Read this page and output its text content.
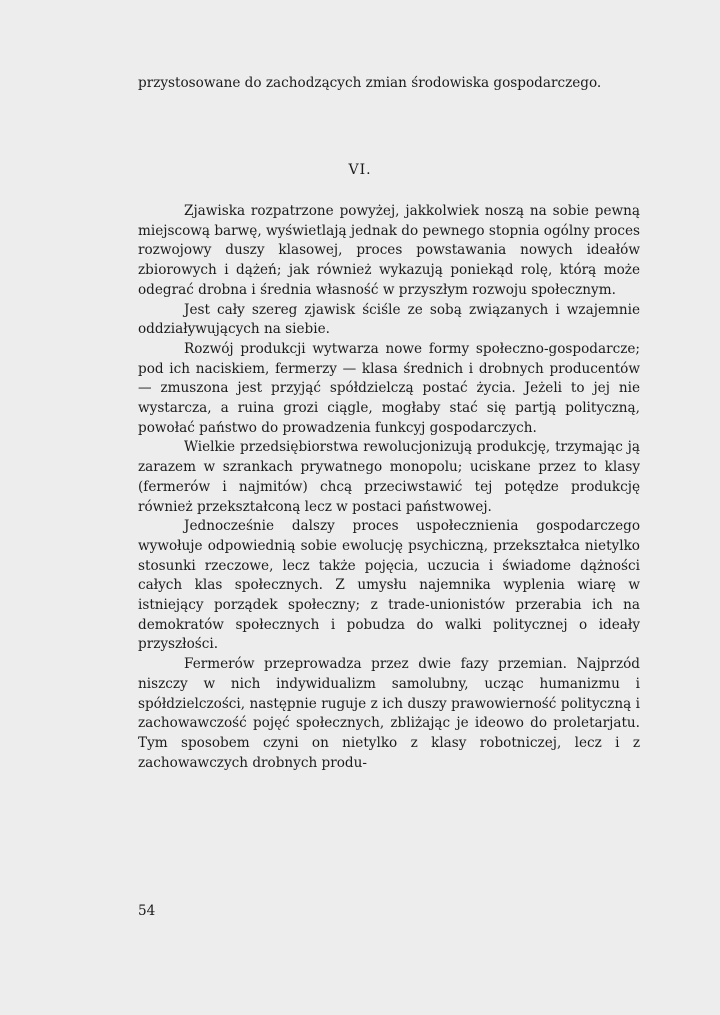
przystosowane do zachodzących zmian środowiska gospodarczego.

VI.

Zjawiska rozpatrzone powyżej, jakkolwiek noszą na sobie pewną miejscową barwę, wyświetlają jednak do pewnego stopnia ogólny proces rozwojowy duszy klasowej, proces powstawania nowych ideałów zbiorowych i dążeń; jak również wykazują poniekąd rolę, którą może odegrać drobna i średnia własność w przyszłym rozwoju społecznym.

Jest cały szereg zjawisk ściśle ze sobą związanych i wzajemnie oddziaływujących na siebie.

Rozwój produkcji wytwarza nowe formy społeczno-gospodarcze; pod ich naciskiem, fermerzy — klasa średnich i drobnych producentów — zmuszona jest przyjąć spółdzielczą postać życia. Jeżeli to jej nie wystarcza, a ruina grozi ciągle, mogłaby stać się partją polityczną, powołać państwo do prowadzenia funkcyj gospodarczych.

Wielkie przedsiębiorstwa rewolucjonizują produkcję, trzymając ją zarazem w szrankach prywatnego monopolu; uciskane przez to klasy (fermerów i najmitów) chcą przeciwstawić tej potędze produkcję również przekształconą lecz w postaci państwowej.

Jednocześnie dalszy proces uspołecznienia gospodarczego wywołuje odpowiednią sobie ewolucję psychiczną, przekształca nietylko stosunki rzeczowe, lecz także pojęcia, uczucia i świadome dążności całych klas społecznych. Z umysłu najemnika wyplenia wiarę w istniejący porządek społeczny; z trade-unionistów przerabia ich na demokratów społecznych i pobudza do walki politycznej o ideały przyszłości.

Fermerów przeprowadza przez dwie fazy przemian. Najprzód niszczy w nich indywidualizm samolubny, ucząc humanizmu i spółdzielczości, następnie ruguje z ich duszy prawowierność polityczną i zachowawczość pojęć społecznych, zbliżając je ideowo do proletarjatu. Tym sposobem czyni on nietylko z klasy robotniczej, lecz i z zachowawczych drobnych produ-

54
